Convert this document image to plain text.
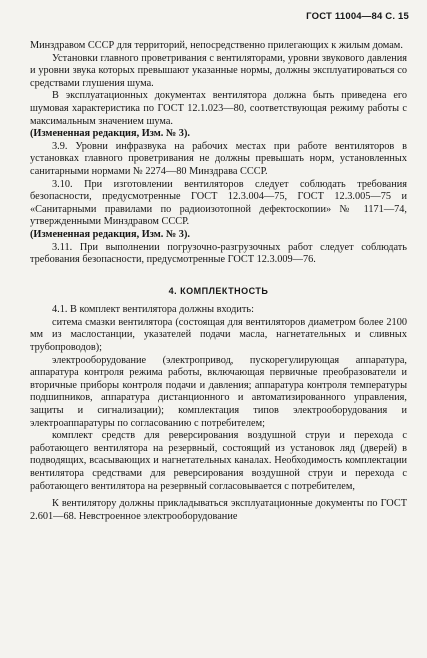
ГОСТ 11004—84 С. 15

Минздравом СССР для территорий, непосредственно прилегающих к жилым домам.

Установки главного проветривания с вентиляторами, уровни звукового давления и уровни звука которых превышают указанные нормы, должны эксплуатироваться со средствами глушения шума.

В эксплуатационных документах вентилятора должна быть приведена его шумовая характеристика по ГОСТ 12.1.023—80, соответствующая режиму работы с максимальным значением шума.

(Измененная редакция, Изм. № 3).

3.9. Уровни инфразвука на рабочих местах при работе вентиляторов в установках главного проветривания не должны превышать норм, установленных санитарными нормами № 2274—80 Минздрава СССР.

3.10. При изготовлении вентиляторов следует соблюдать требования безопасности, предусмотренные ГОСТ 12.3.004—75, ГОСТ 12.3.005—75 и «Санитарными правилами по радиоизотопной дефектоскопии» № 1171—74, утвержденными Минздравом СССР.

(Измененная редакция, Изм. № 3).

3.11. При выполнении погрузочно-разгрузочных работ следует соблюдать требования безопасности, предусмотренные ГОСТ 12.3.009—76.

4. КОМПЛЕКТНОСТЬ

4.1. В комплект вентилятора должны входить:

ситема смазки вентилятора (состоящая для вентиляторов диаметром более 2100 мм из маслостанции, указателей подачи масла, нагнетательных и сливных трубопроводов);

электрооборудование (электропривод, пускорегулирующая аппаратура, аппаратура контроля режима работы, включающая первичные преобразователи и вторичные приборы контроля подачи и давления; аппаратура контроля температуры подшипников, аппаратура дистанционного и автоматизированного управления, защиты и сигнализации); комплектация типов электрооборудования и электроаппаратуры по согласованию с потребителем;

комплект средств для реверсирования воздушной струи и перехода с работающего вентилятора на резервный, состоящий из установок ляд (дверей) в подводящих, всасывающих и нагнетательных каналах. Необходимость комплектации вентилятора средствами для реверсирования воздушной струи и перехода с работающего вентилятора на резервный согласовывается с потребителем,

К вентилятору должны прикладываться эксплуатационные документы по ГОСТ 2.601—68. Невстроенное электрооборудование
